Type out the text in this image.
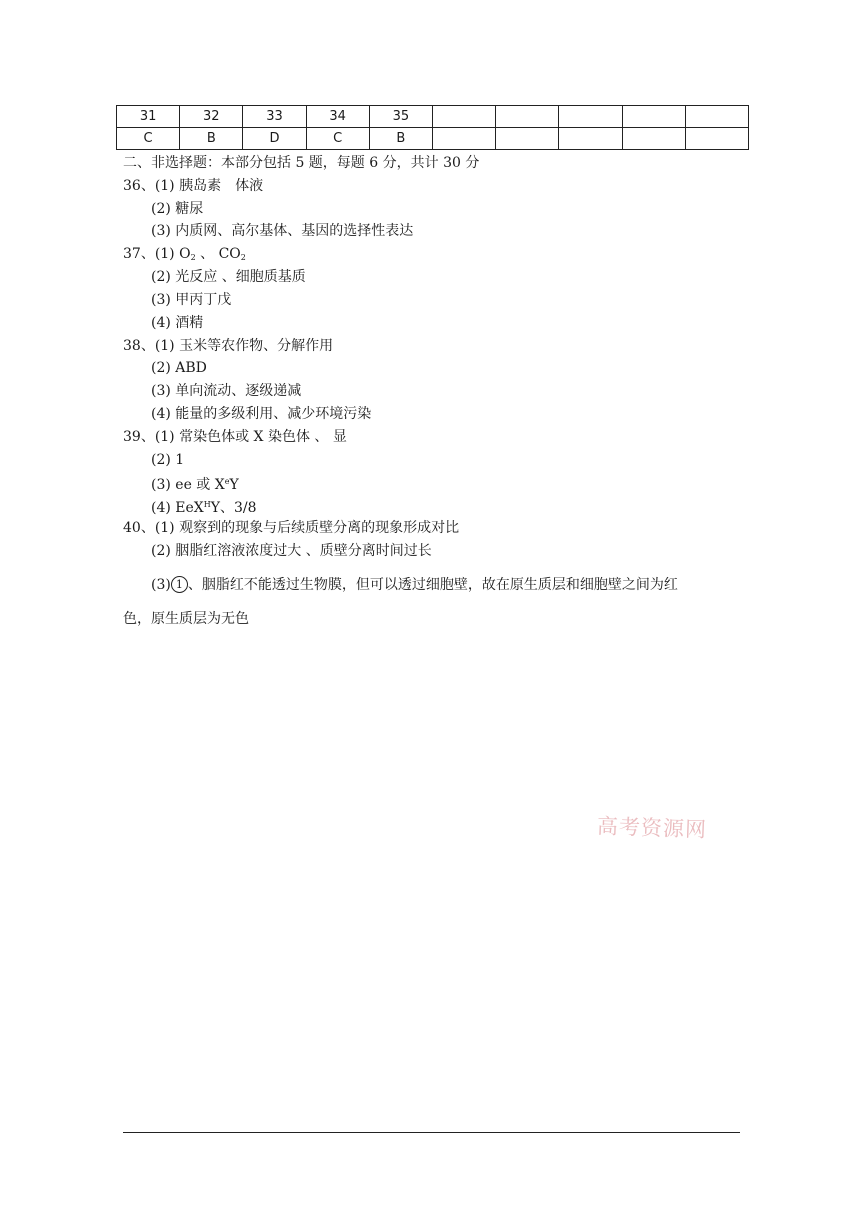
31	32	33	34	35					
C	B	D	C	B					
二、非选择题：本部分包括 5 题，每题 6 分，共计 30 分
36、(1) 胰岛素　体液
(2) 糖尿
(3) 内质网、高尔基体、基因的选择性表达
37、(1) $O_2$ 、 $CO_2$
(2) 光反应 、细胞质基质
(3) 甲丙丁戊
(4) 酒精
38、(1) 玉米等农作物、分解作用
(2) ABD
(3) 单向流动、逐级递减
(4) 能量的多级利用、减少环境污染
39、(1) 常染色体或 X 染色体 、 显
(2) 1
(3) ee 或 XeY
(4) EeX$^H$Y、3/8
40、(1) 观察到的现象与后续质壁分离的现象形成对比
(2) 胭脂红溶液浓度过大 、质壁分离时间过长
(3) 1 、胭脂红不能透过生物膜，但可以透过细胞壁，故在原生质层和细胞壁之间为红
色，原生质层为无色
高考资源网
